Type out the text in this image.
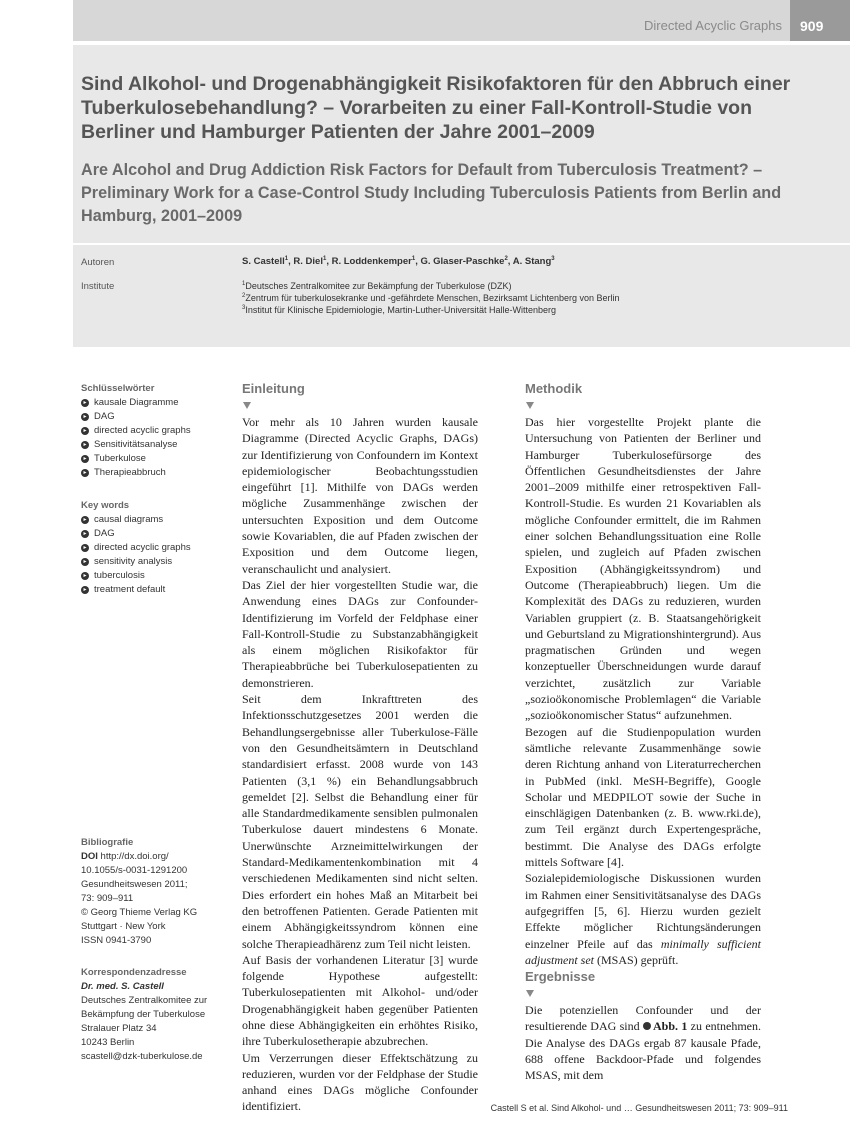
Directed Acyclic Graphs	909
Sind Alkohol- und Drogenabhängigkeit Risikofaktoren für den Abbruch einer Tuberkulosebehandlung? – Vorarbeiten zu einer Fall-Kontroll-Studie von Berliner und Hamburger Patienten der Jahre 2001–2009
Are Alcohol and Drug Addiction Risk Factors for Default from Tuberculosis Treatment? – Preliminary Work for a Case-Control Study Including Tuberculosis Patients from Berlin and Hamburg, 2001–2009
Autoren	S. Castell$^1$, R. Diel$^1$, R. Loddenkemper$^1$, G. Glaser-Paschke$^2$, A. Stang$^3$
Institute	$^1$Deutsches Zentralkomitee zur Bekämpfung der Tuberkulose (DZK)
$^2$Zentrum für tuberkulosekranke und -gefährdete Menschen, Bezirksamt Lichtenberg von Berlin
$^3$Institut für Klinische Epidemiologie, Martin-Luther-Universität Halle-Wittenberg
Schlüsselwörter
▸ kausale Diagramme
▸ DAG
▸ directed acyclic graphs
▸ Sensitivitätsanalyse
▸ Tuberkulose
▸ Therapieabbruch
Key words
▸ causal diagrams
▸ DAG
▸ directed acyclic graphs
▸ sensitivity analysis
▸ tuberculosis
▸ treatment default
Bibliografie
DOI http://dx.doi.org/
10.1055/s-0031-1291200
Gesundheitswesen 2011;
73: 909–911
© Georg Thieme Verlag KG
Stuttgart · New York
ISSN 0941-3790
Korrespondenzadresse
Dr. med. S. Castell
Deutsches Zentralkomitee zur
Bekämpfung der Tuberkulose
Stralauer Platz 34
10243 Berlin
scastell@dzk-tuberkulose.de
Einleitung

Vor mehr als 10 Jahren wurden kausale Diagramme (Directed Acyclic Graphs, DAGs) zur Identifizierung von Confoundern im Kontext epidemiologischer Beobachtungsstudien eingeführt [1]. Mithilfe von DAGs werden mögliche Zusammenhänge zwischen der untersuchten Exposition und dem Outcome sowie Kovariablen, die auf Pfaden zwischen der Exposition und dem Outcome liegen, veranschaulicht und analysiert.

Das Ziel der hier vorgestellten Studie war, die Anwendung eines DAGs zur Confounder-Identifizierung im Vorfeld der Feldphase einer Fall-Kontroll-Studie zu Substanzabhängigkeit als einem möglichen Risikofaktor für Therapieabbrüche bei Tuberkulosepatienten zu demonstrieren.

Seit dem Inkrafttreten des Infektionsschutzgesetzes 2001 werden die Behandlungsergebnisse aller Tuberkulose-Fälle von den Gesundheitsämtern in Deutschland standardisiert erfasst. 2008 wurde von 143 Patienten (3,1 %) ein Behandlungsabbruch gemeldet [2]. Selbst die Behandlung einer für alle Standardmedikamente sensiblen pulmonalen Tuberkulose dauert mindestens 6 Monate. Unerwünschte Arzneimittelwirkungen der Standard-Medikamentenkombination mit 4 verschiedenen Medikamenten sind nicht selten. Dies erfordert ein hohes Maß an Mitarbeit bei den betroffenen Patienten. Gerade Patienten mit einem Abhängigkeitssyndrom können eine solche Therapieadhärenz zum Teil nicht leisten.

Auf Basis der vorhandenen Literatur [3] wurde folgende Hypothese aufgestellt: Tuberkulosepatienten mit Alkohol- und/oder Drogenabhängigkeit haben gegenüber Patienten ohne diese Abhängigkeiten ein erhöhtes Risiko, ihre Tuberkulosetherapie abzubrechen.

Um Verzerrungen dieser Effektschätzung zu reduzieren, wurden vor der Feldphase der Studie anhand eines DAGs mögliche Confounder identifiziert.

Methodik

Das hier vorgestellte Projekt plante die Untersuchung von Patienten der Berliner und Hamburger Tuberkulosefürsorge des Öffentlichen Gesundheitsdienstes der Jahre 2001–2009 mithilfe einer retrospektiven Fall-Kontroll-Studie. Es wurden 21 Kovariablen als mögliche Confounder ermittelt, die im Rahmen einer solchen Behandlungssituation eine Rolle spielen, und zugleich auf Pfaden zwischen Exposition (Abhängigkeitssyndrom) und Outcome (Therapieabbruch) liegen. Um die Komplexität des DAGs zu reduzieren, wurden Variablen gruppiert (z. B. Staatsangehörigkeit und Geburtsland zu Migrationshintergrund). Aus pragmatischen Gründen und wegen konzeptueller Überschneidungen wurde darauf verzichtet, zusätzlich zur Variable „sozioökonomische Problemlagen“ die Variable „sozioökonomischer Status“ aufzunehmen.

Bezogen auf die Studienpopulation wurden sämtliche relevante Zusammenhänge sowie deren Richtung anhand von Literaturrecherchen in PubMed (inkl. MeSH-Begriffe), Google Scholar und MEDPILOT sowie der Suche in einschlägigen Datenbanken (z. B. www.rki.de), zum Teil ergänzt durch Expertengespräche, bestimmt. Die Analyse des DAGs erfolgte mittels Software [4].

Sozialepidemiologische Diskussionen wurden im Rahmen einer Sensitivitätsanalyse des DAGs aufgegriffen [5, 6]. Hierzu wurden gezielt Effekte möglicher Richtungsänderungen einzelner Pfeile auf das minimally sufficient adjustment set (MSAS) geprüft.

Ergebnisse

Die potenziellen Confounder und der resultierende DAG sind Abb. 1 zu entnehmen. Die Analyse des DAGs ergab 87 kausale Pfade, 688 offene Backdoor-Pfade und folgendes MSAS, mit dem

Castell S et al. Sind Alkohol- und … Gesundheitswesen 2011; 73: 909–911
